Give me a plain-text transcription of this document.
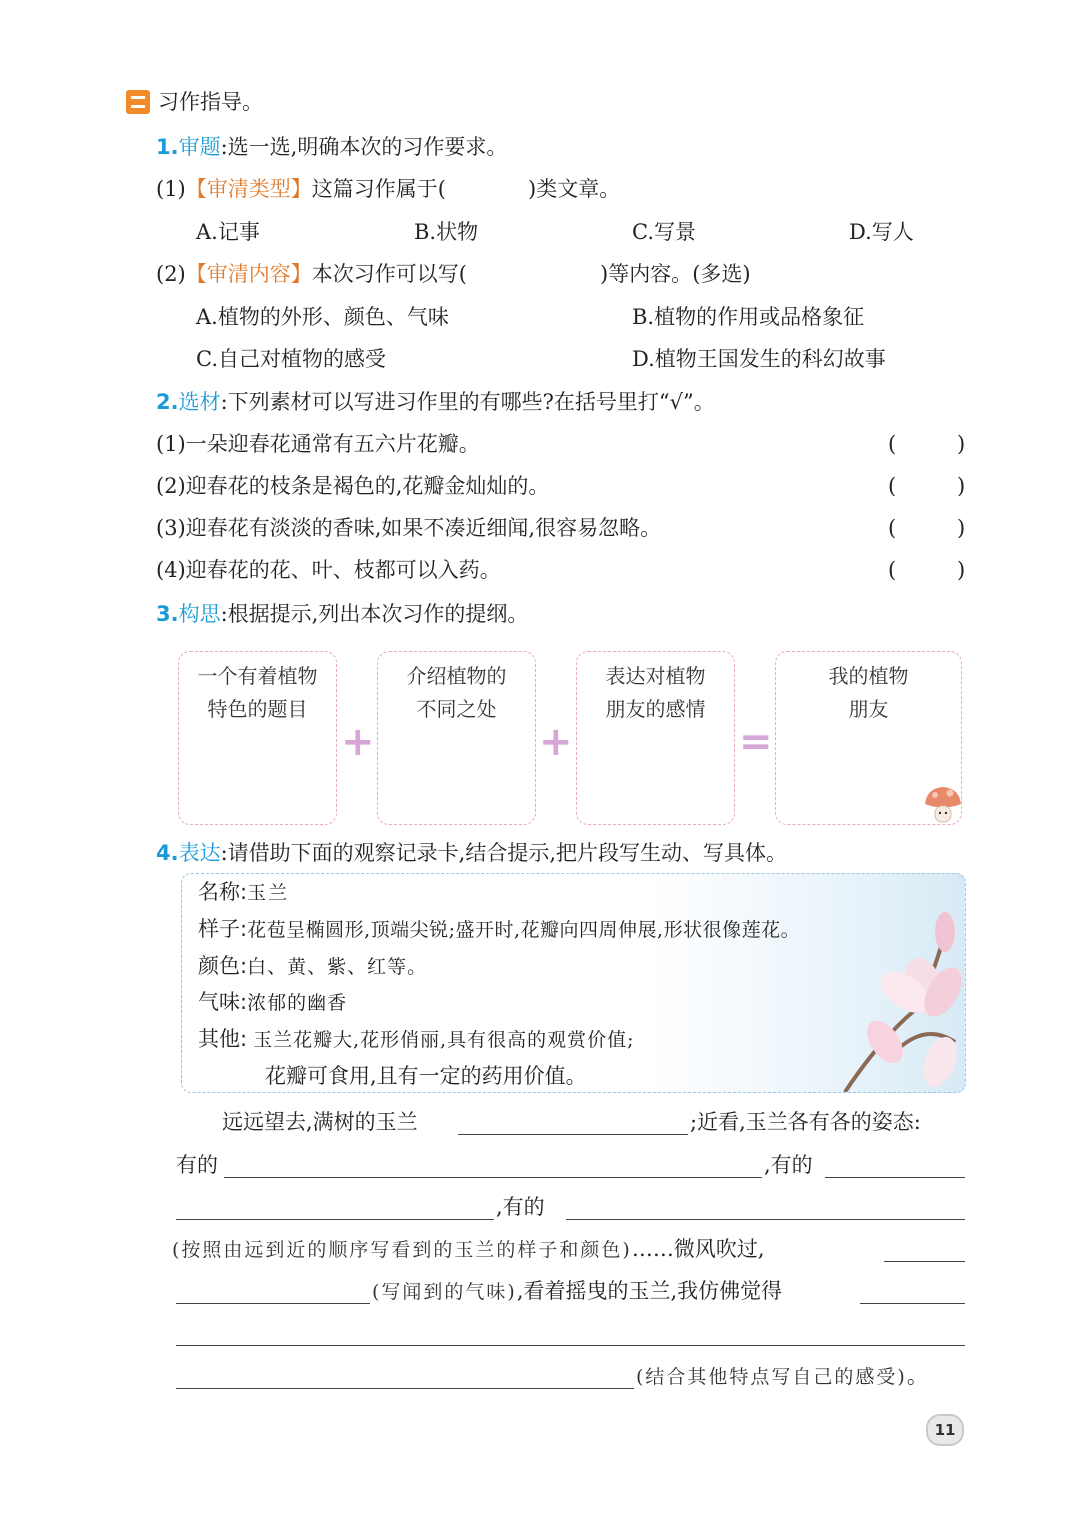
习作指导。
1.审题:选一选,明确本次的习作要求。
(1)【审清类型】这篇习作属于(	)类文章。
A.记事	B.状物	C.写景	D.写人
(2)【审清内容】本次习作可以写(	)等内容。(多选)
A.植物的外形、颜色、气味	B.植物的作用或品格象征
C.自己对植物的感受	D.植物王国发生的科幻故事
2.选材:下列素材可以写进习作里的有哪些?在括号里打“√”。
(1)一朵迎春花通常有五六片花瓣。	(	)
(2)迎春花的枝条是褐色的,花瓣金灿灿的。	(	)
(3)迎春花有淡淡的香味,如果不凑近细闻,很容易忽略。	(	)
(4)迎春花的花、叶、枝都可以入药。	(	)
3.构思:根据提示,列出本次习作的提纲。
一个有着植物
特色的题目
+
介绍植物的
不同之处
+
表达对植物
朋友的感情
=
我的植物
朋友
4.表达:请借助下面的观察记录卡,结合提示,把片段写生动、写具体。
名称:玉兰
样子:花苞呈椭圆形,顶端尖锐;盛开时,花瓣向四周伸展,形状很像莲花。
颜色:白、黄、紫、红等。
气味:浓郁的幽香
其他: 玉兰花瓣大,花形俏丽,具有很高的观赏价值;
花瓣可食用,且有一定的药用价值。
远远望去,满树的玉兰	;近看,玉兰各有各的姿态:
有的	,有的
,有的
(按照由远到近的顺序写看到的玉兰的样子和颜色)……微风吹过,
(写闻到的气味),看着摇曳的玉兰,我仿佛觉得
(结合其他特点写自己的感受)。
11
